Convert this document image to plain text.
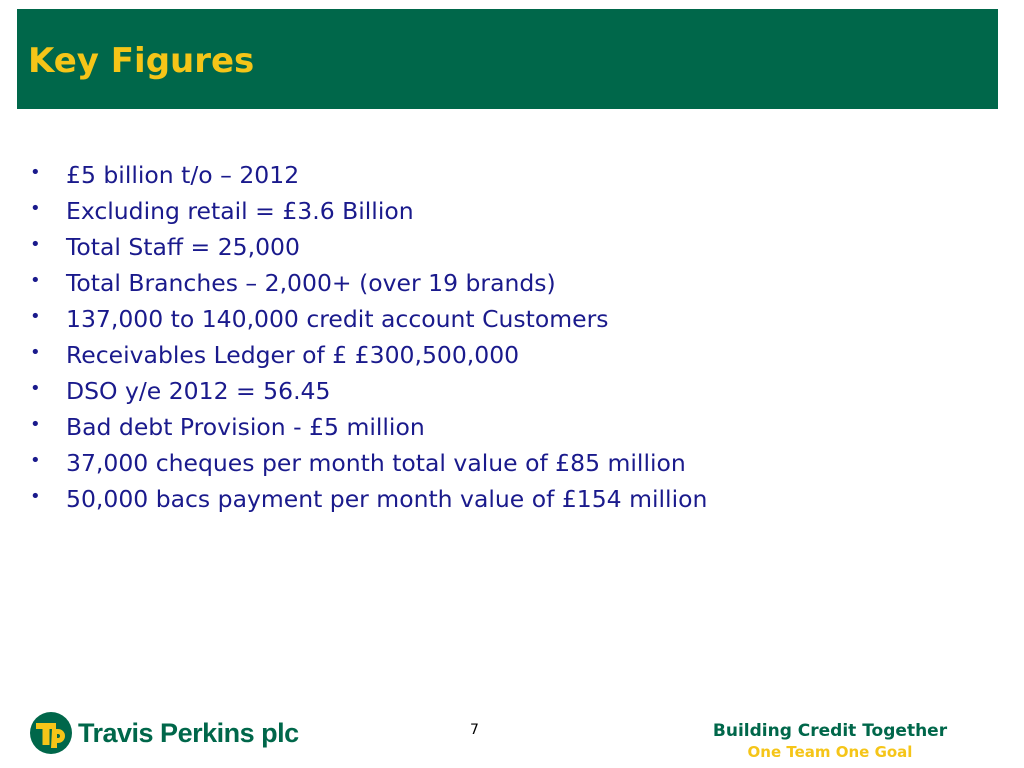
Key Figures
• £5 billion t/o – 2012
• Excluding retail = £3.6 Billion
• Total Staff = 25,000
• Total Branches – 2,000+ (over 19 brands)
• 137,000 to 140,000 credit account Customers
• Receivables Ledger of £ £300,500,000
• DSO y/e 2012 = 56.45
• Bad debt Provision - £5 million
• 37,000 cheques per month total value of £85 million
• 50,000 bacs payment per month value of £154 million
Travis Perkins plc	7	Building Credit Together
One Team One Goal
